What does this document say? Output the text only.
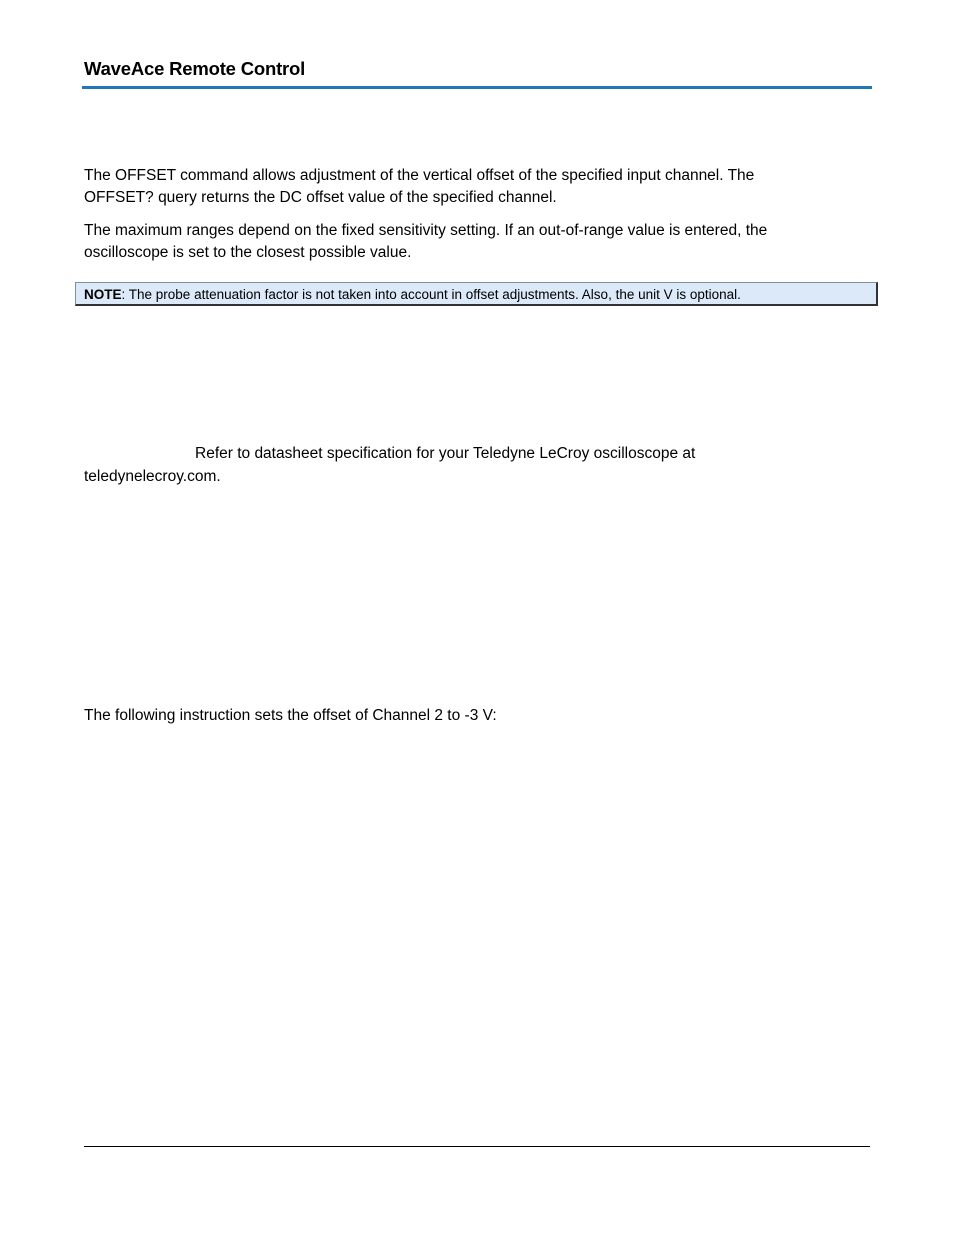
WaveAce Remote Control
The OFFSET command allows adjustment of the vertical offset of the specified input channel. The
OFFSET? query returns the DC offset value of the specified channel.
The maximum ranges depend on the fixed sensitivity setting. If an out-of-range value is entered, the
oscilloscope is set to the closest possible value.
NOTE: The probe attenuation factor is not taken into account in offset adjustments. Also, the unit V is optional.
Refer to datasheet specification for your Teledyne LeCroy oscilloscope at
teledynelecroy.com.
The following instruction sets the offset of Channel 2 to -3 V:
